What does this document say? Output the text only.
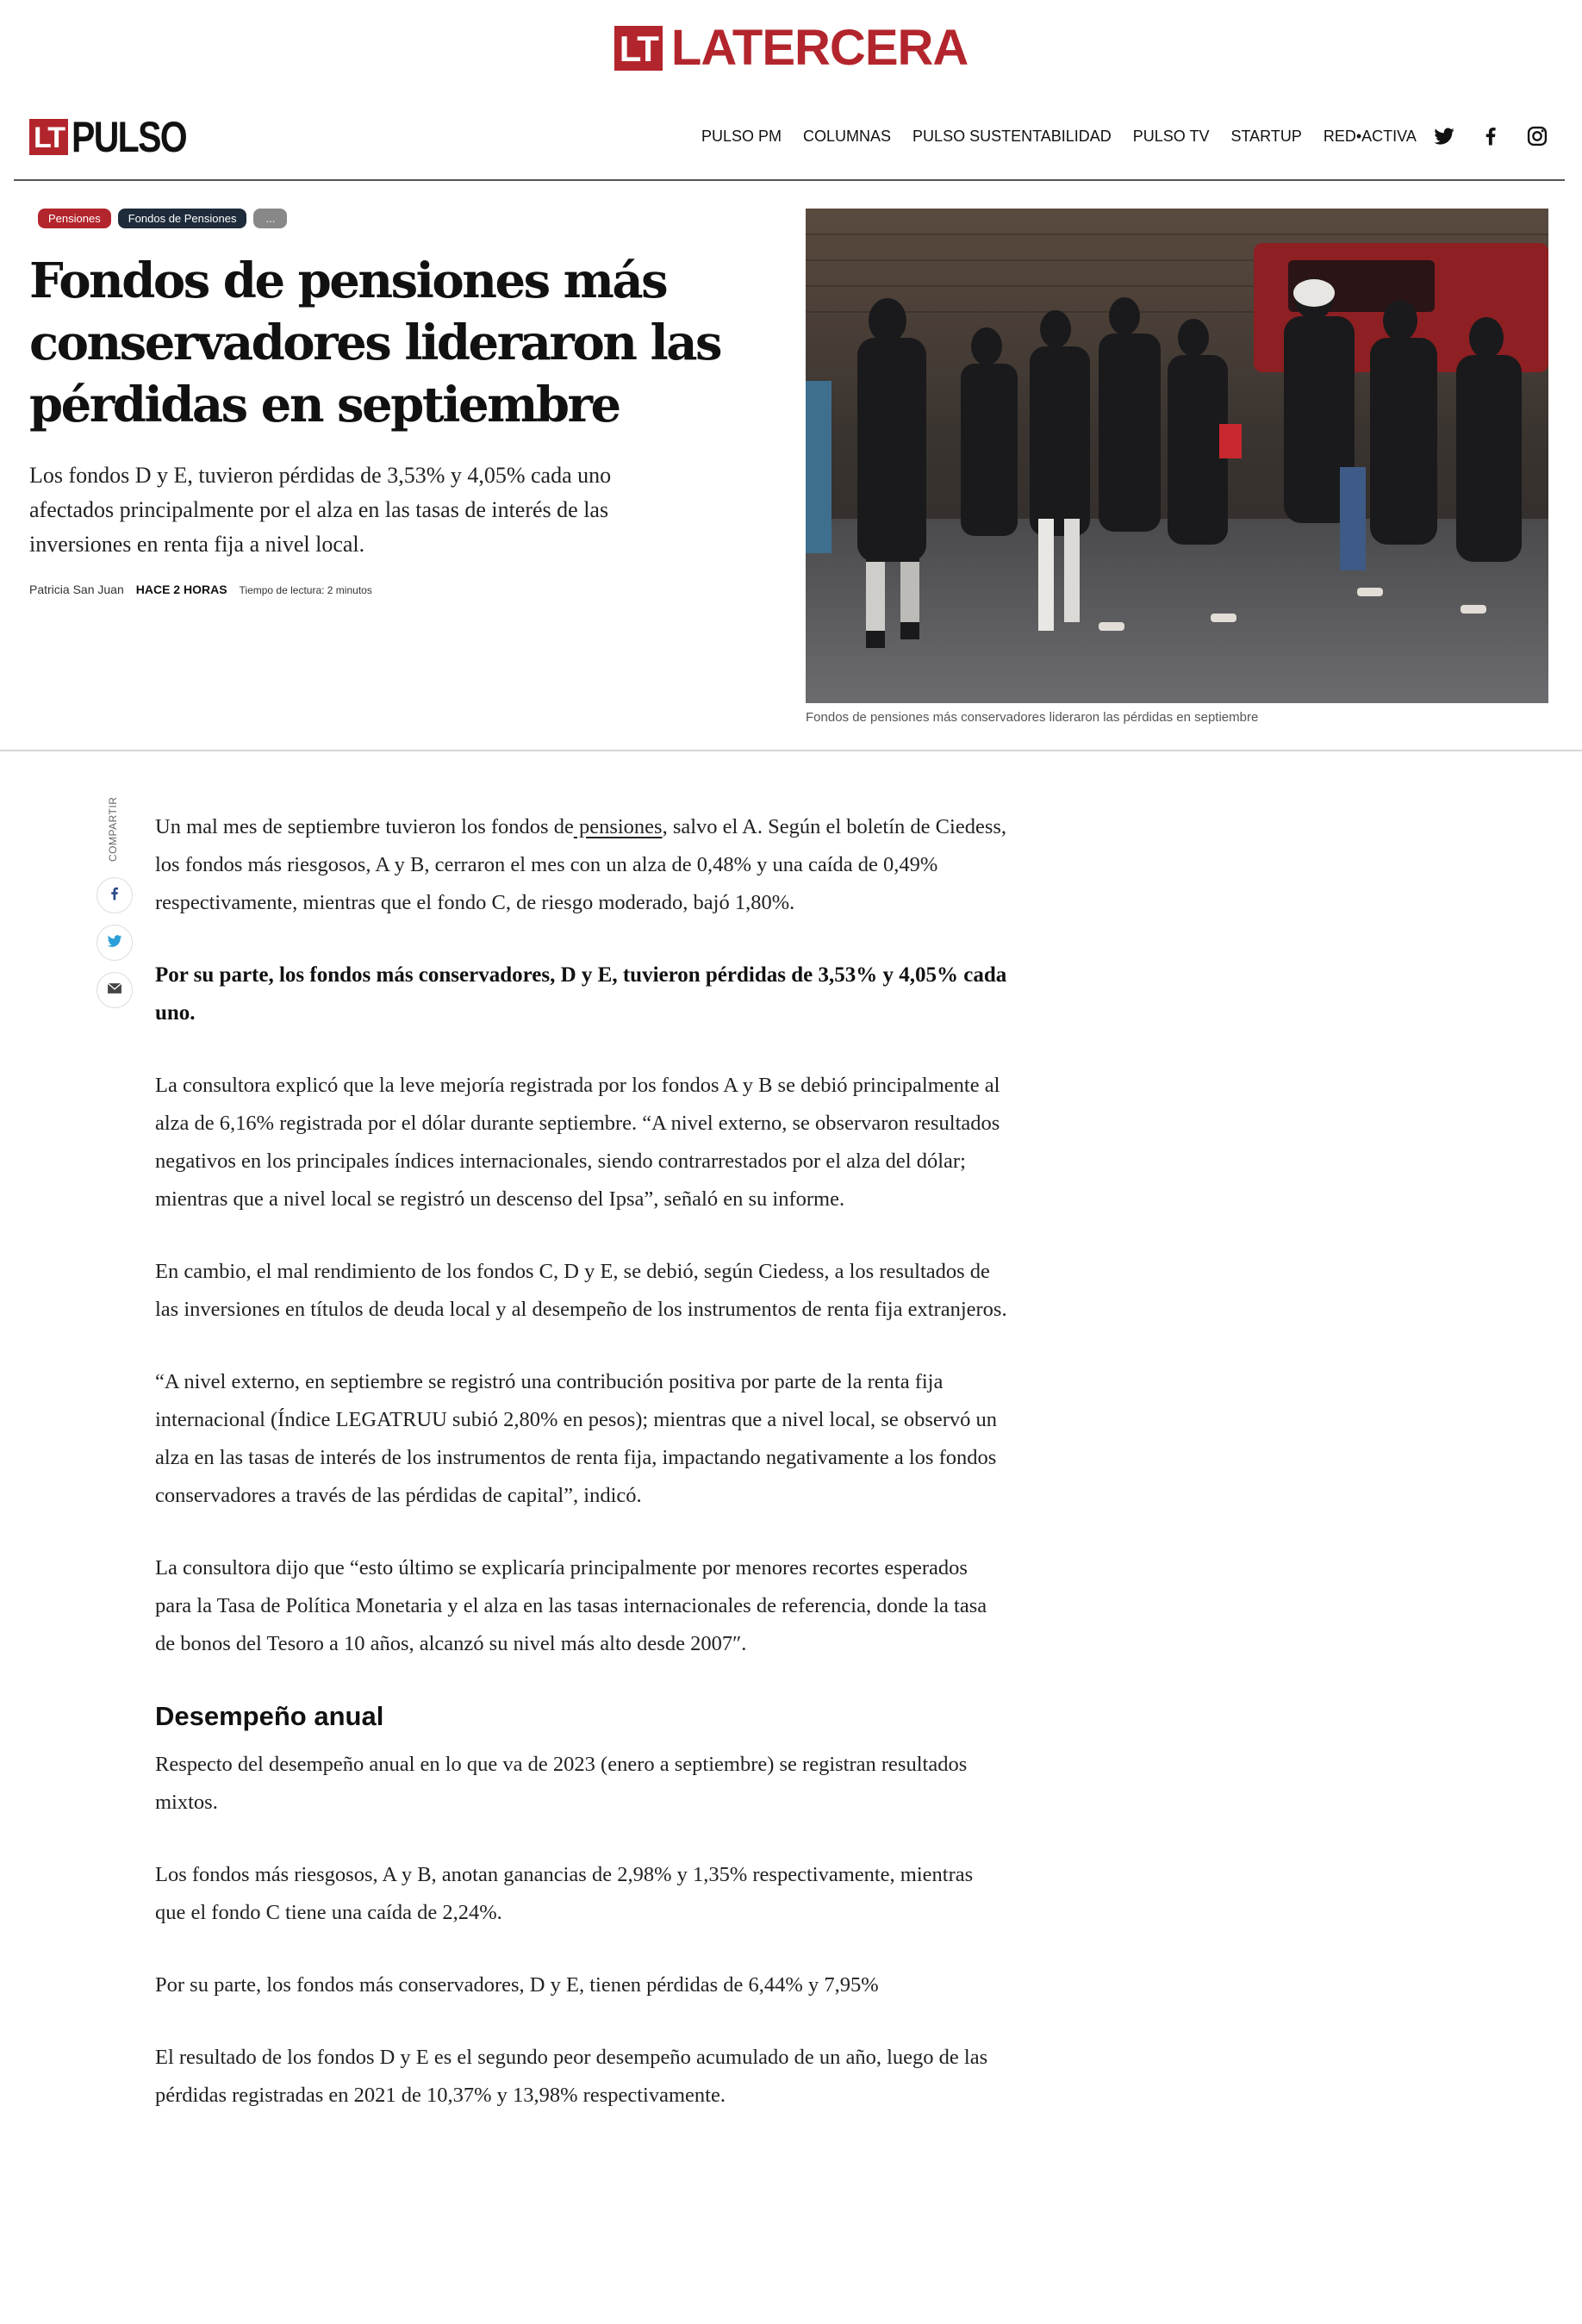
LT LATERCERA
LT PULSO	PULSO PM COLUMNAS PULSO SUSTENTABILIDAD PULSO TV STARTUP RED•ACTIVA
Pensiones	Fondos de Pensiones	...
Fondos de pensiones más conservadores lideraron las pérdidas en septiembre

Los fondos D y E, tuvieron pérdidas de 3,53% y 4,05% cada uno afectados principalmente por el alza en las tasas de interés de las inversiones en renta fija a nivel local.

Patricia San Juan HACE 2 HORAS Tiempo de lectura: 2 minutos
Fondos de pensiones más conservadores lideraron las pérdidas en septiembre
COMPARTIR Un mal mes de septiembre tuvieron los fondos de pensiones, salvo el A. Según el boletín de Ciedess, los fondos más riesgosos, A y B, cerraron el mes con un alza de 0,48% y una caída de 0,49% respectivamente, mientras que el fondo C, de riesgo moderado, bajó 1,80%.

Por su parte, los fondos más conservadores, D y E, tuvieron pérdidas de 3,53% y 4,05% cada uno.

La consultora explicó que la leve mejoría registrada por los fondos A y B se debió principalmente al alza de 6,16% registrada por el dólar durante septiembre. “A nivel externo, se observaron resultados negativos en los principales índices internacionales, siendo contrarrestados por el alza del dólar; mientras que a nivel local se registró un descenso del Ipsa”, señaló en su informe.

En cambio, el mal rendimiento de los fondos C, D y E, se debió, según Ciedess, a los resultados de las inversiones en títulos de deuda local y al desempeño de los instrumentos de renta fija extranjeros.

“A nivel externo, en septiembre se registró una contribución positiva por parte de la renta fija internacional (Índice LEGATRUU subió 2,80% en pesos); mientras que a nivel local, se observó un alza en las tasas de interés de los instrumentos de renta fija, impactando negativamente a los fondos conservadores a través de las pérdidas de capital”, indicó.

La consultora dijo que “esto último se explicaría principalmente por menores recortes esperados para la Tasa de Política Monetaria y el alza en las tasas internacionales de referencia, donde la tasa de bonos del Tesoro a 10 años, alcanzó su nivel más alto desde 2007″.

Desempeño anual

Respecto del desempeño anual en lo que va de 2023 (enero a septiembre) se registran resultados mixtos.

Los fondos más riesgosos, A y B, anotan ganancias de 2,98% y 1,35% respectivamente, mientras que el fondo C tiene una caída de 2,24%.

Por su parte, los fondos más conservadores, D y E, tienen pérdidas de 6,44% y 7,95%

El resultado de los fondos D y E es el segundo peor desempeño acumulado de un año, luego de las pérdidas registradas en 2021 de 10,37% y 13,98% respectivamente.
